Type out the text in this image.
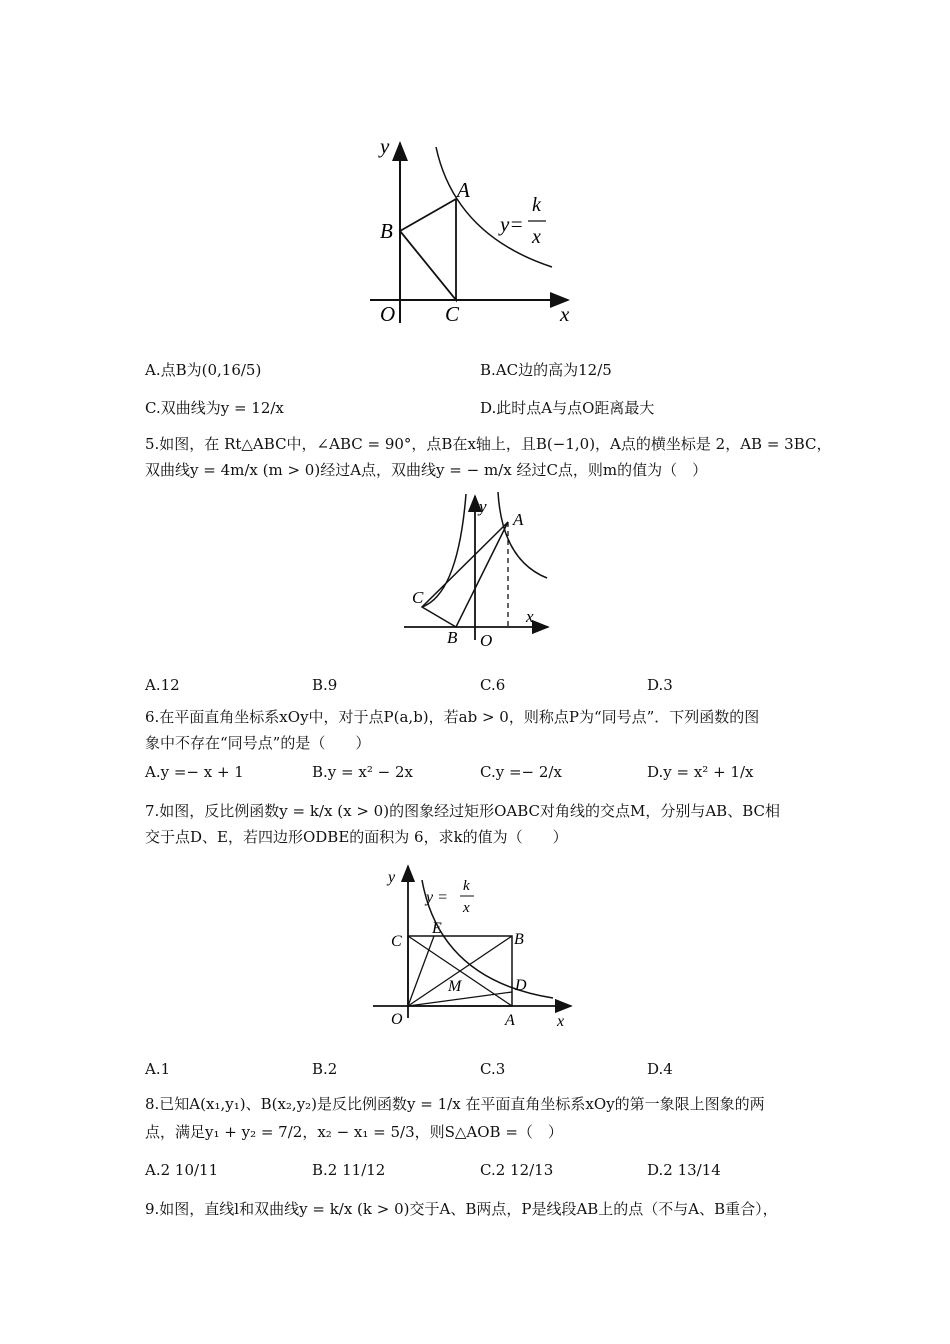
y
B
A
O C	x
y=
k
x
A.点B为(0,16/5)	B.AC边的高为12/5
C.双曲线为y = 12/x	D.此时点A与点O距离最大
5.如图，在 Rt△ABC中，∠ABC = 90°，点B在x轴上，且B(−1,0)，A点的横坐标是 2，AB = 3BC，
双曲线y = 4m/x (m > 0)经过A点，双曲线y = − m/x 经过C点，则m的值为（　）
y
A
C
x
B O
A.12	B.9	C.6	D.3
6.在平面直角坐标系xOy中，对于点P(a,b)，若ab > 0，则称点P为“同号点”．下列函数的图
象中不存在“同号点”的是（　　）
A.y =− x + 1	B.y = x² − 2x	C.y =− 2/x	D.y = x² + 1/x
7.如图，反比例函数y = k/x (x > 0)的图象经过矩形OABC对角线的交点M，分别与AB、BC相
交于点D、E，若四边形ODBE的面积为 6，求k的值为（　　）
y
y =
k
x
C
E
B
M	D
O	A	x
A.1	B.2	C.3	D.4
8.已知A(x₁,y₁)、B(x₂,y₂)是反比例函数y = 1/x 在平面直角坐标系xOy的第一象限上图象的两
点，满足y₁ + y₂ = 7/2，x₂ − x₁ = 5/3，则S△AOB =（　）
A.2 10/11	B.2 11/12	C.2 12/13	D.2 13/14
9.如图，直线l和双曲线y = k/x (k > 0)交于A、B两点，P是线段AB上的点（不与A、B重合），
